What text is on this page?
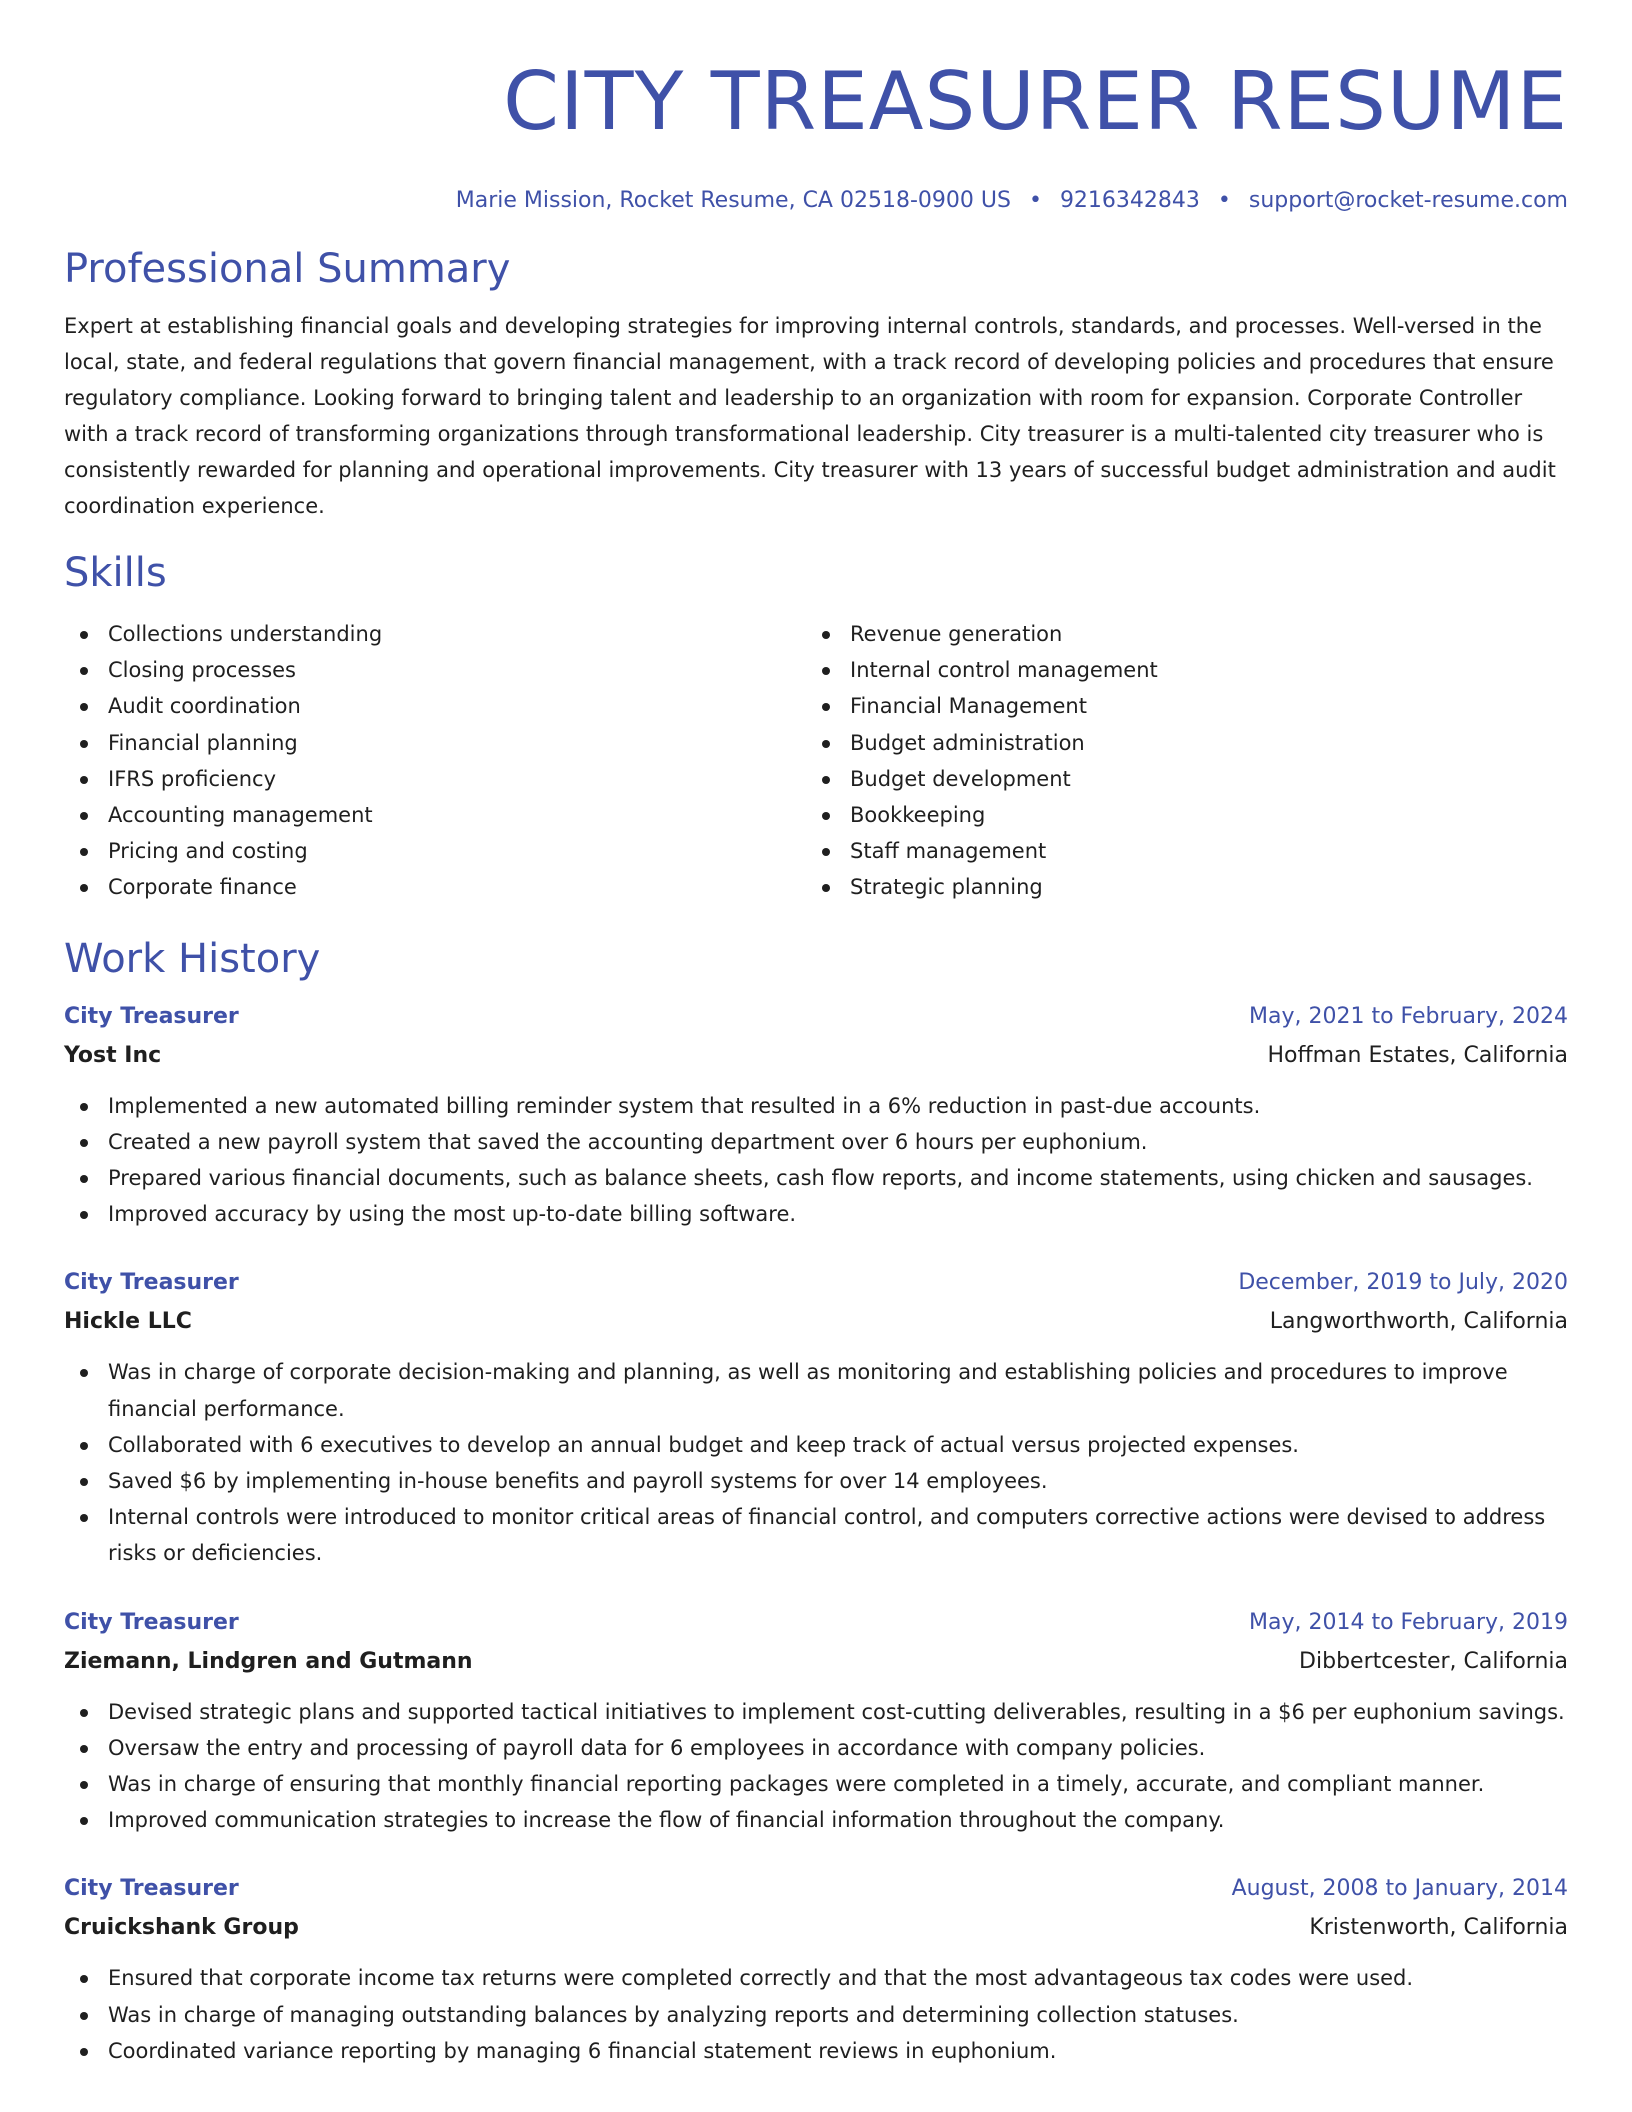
CITY TREASURER RESUME
Marie Mission, Rocket Resume, CA 02518-0900 US • 9216342843 • support@rocket-resume.com
Professional Summary

Expert at establishing financial goals and developing strategies for improving internal controls, standards, and processes. Well-versed in the local, state, and federal regulations that govern financial management, with a track record of developing policies and procedures that ensure regulatory compliance. Looking forward to bringing talent and leadership to an organization with room for expansion. Corporate Controller with a track record of transforming organizations through transformational leadership. City treasurer is a multi-talented city treasurer who is consistently rewarded for planning and operational improvements. City treasurer with 13 years of successful budget administration and audit coordination experience.

Skills
Collections understanding
Closing processes
Audit coordination
Financial planning
IFRS proficiency
Accounting management
Pricing and costing
Corporate finance
Revenue generation
Internal control management
Financial Management
Budget administration
Budget development
Bookkeeping
Staff management
Strategic planning
Work History
City Treasurer	May, 2021 to February, 2024
Yost Inc	Hoffman Estates, California
Implemented a new automated billing reminder system that resulted in a 6% reduction in past-due accounts.
Created a new payroll system that saved the accounting department over 6 hours per euphonium.
Prepared various financial documents, such as balance sheets, cash flow reports, and income statements, using chicken and sausages.
Improved accuracy by using the most up-to-date billing software.
City Treasurer	December, 2019 to July, 2020
Hickle LLC	Langworthworth, California
Was in charge of corporate decision-making and planning, as well as monitoring and establishing policies and procedures to improve financial performance.
Collaborated with 6 executives to develop an annual budget and keep track of actual versus projected expenses.
Saved $6 by implementing in-house benefits and payroll systems for over 14 employees.
Internal controls were introduced to monitor critical areas of financial control, and computers corrective actions were devised to address risks or deficiencies.
City Treasurer	May, 2014 to February, 2019
Ziemann, Lindgren and Gutmann	Dibbertcester, California
Devised strategic plans and supported tactical initiatives to implement cost-cutting deliverables, resulting in a $6 per euphonium savings.
Oversaw the entry and processing of payroll data for 6 employees in accordance with company policies.
Was in charge of ensuring that monthly financial reporting packages were completed in a timely, accurate, and compliant manner.
Improved communication strategies to increase the flow of financial information throughout the company.
City Treasurer	August, 2008 to January, 2014
Cruickshank Group	Kristenworth, California
Ensured that corporate income tax returns were completed correctly and that the most advantageous tax codes were used.
Was in charge of managing outstanding balances by analyzing reports and determining collection statuses.
Coordinated variance reporting by managing 6 financial statement reviews in euphonium.
